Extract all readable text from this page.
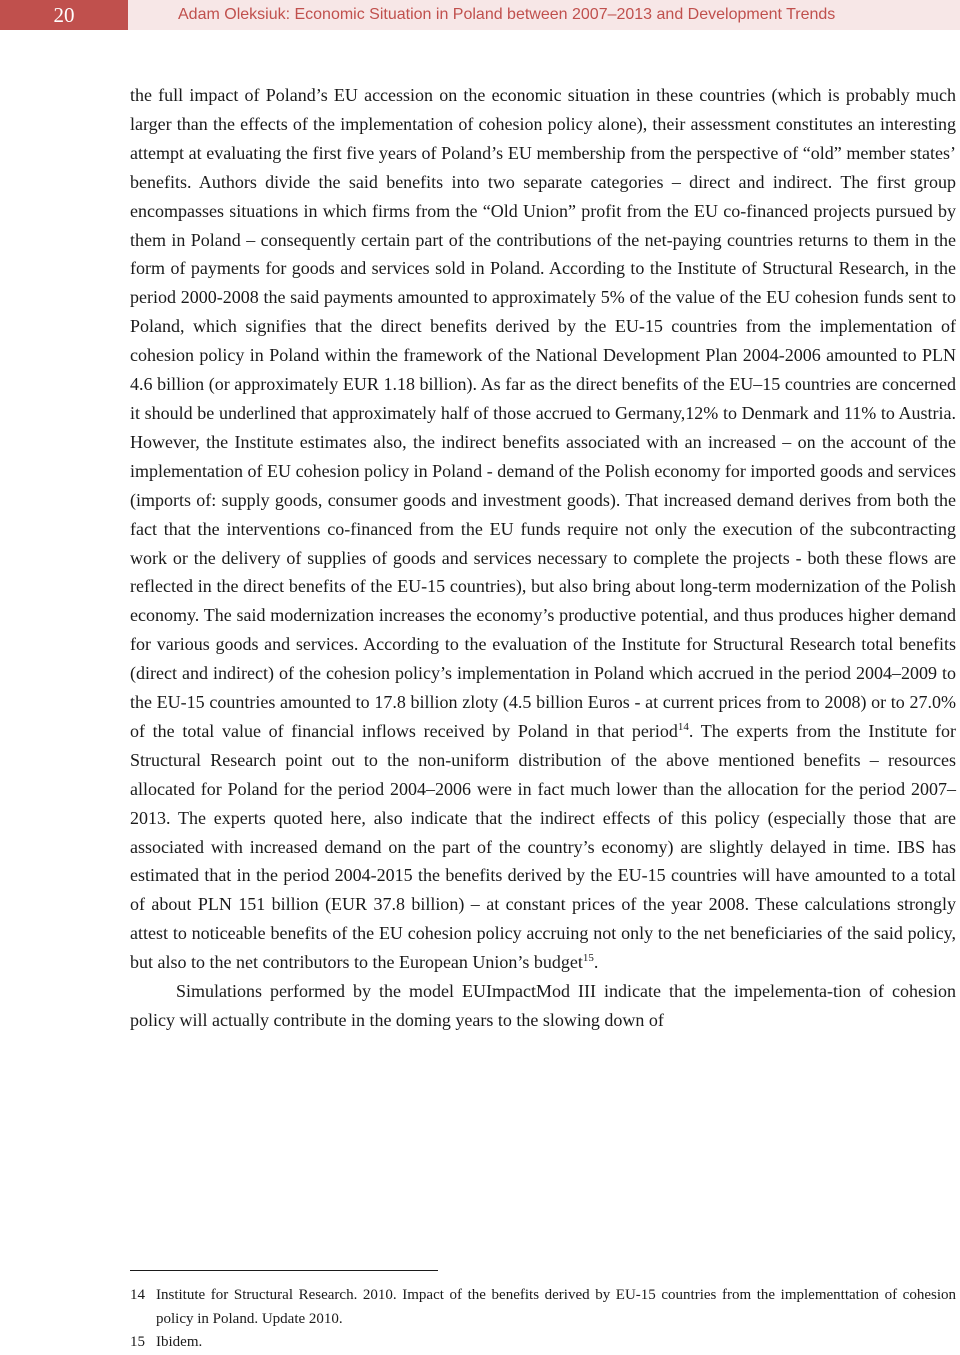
20	Adam Oleksiuk: Economic Situation in Poland between 2007–2013 and Development Trends

the full impact of Poland’s EU accession on the economic situation in these countries (which is probably much larger than the effects of the implementation of cohesion policy alone), their assessment constitutes an interesting attempt at evaluating the first five years of Poland’s EU membership from the perspective of “old” member states’ benefits. Authors divide the said benefits into two separate categories – direct and indirect. The first group encompasses situations in which firms from the “Old Union” profit from the EU co-financed projects pursued by them in Poland – consequently certain part of the contributions of the net-paying countries returns to them in the form of payments for goods and services sold in Poland. According to the Institute of Structural Research, in the period 2000-2008 the said payments amounted to approximately 5% of the value of the EU cohesion funds sent to Poland, which signifies that the direct benefits derived by the EU-15 countries from the implementation of cohesion policy in Poland within the framework of the National Development Plan 2004-2006 amounted to PLN 4.6 billion (or approximately EUR 1.18 billion). As far as the direct benefits of the EU–15 countries are concerned it should be underlined that approximately half of those accrued to Germany,12% to Denmark and 11% to Austria. However, the Institute estimates also, the indirect benefits associated with an increased – on the account of the implementation of EU cohesion policy in Poland - demand of the Polish economy for imported goods and services (imports of: supply goods, consumer goods and investment goods). That increased demand derives from both the fact that the interventions co-financed from the EU funds require not only the execution of the subcontracting work or the delivery of supplies of goods and services necessary to complete the projects - both these flows are reflected in the direct benefits of the EU-15 countries), but also bring about long-term modernization of the Polish economy. The said modernization increases the economy’s productive potential, and thus produces higher demand for various goods and services. According to the evaluation of the Institute for Structural Research total benefits (direct and indirect) of the cohesion policy’s implementation in Poland which accrued in the period 2004–2009 to the EU-15 countries amounted to 17.8 billion zloty (4.5 billion Euros - at current prices from to 2008) or to 27.0% of the total value of financial inflows received by Poland in that period$^{14}$. The experts from the Institute for Structural Research point out to the non-uniform distribution of the above mentioned benefits – resources allocated for Poland for the period 2004–2006 were in fact much lower than the allocation for the period 2007–2013. The experts quoted here, also indicate that the indirect effects of this policy (especially those that are associated with increased demand on the part of the country’s economy) are slightly delayed in time. IBS has estimated that in the period 2004-2015 the benefits derived by the EU-15 countries will have amounted to a total of about PLN 151 billion (EUR 37.8 billion) – at constant prices of the year 2008. These calculations strongly attest to noticeable benefits of the EU cohesion policy accruing not only to the net beneficiaries of the said policy, but also to the net contributors to the European Union’s budget$^{15}$.

Simulations performed by the model EUImpactMod III indicate that the impelementa-tion of cohesion policy will actually contribute in the doming years to the slowing down of

14 Institute for Structural Research. 2010. Impact of the benefits derived by EU-15 countries from the implementtation of cohesion policy in Poland. Update 2010.
15 Ibidem.
